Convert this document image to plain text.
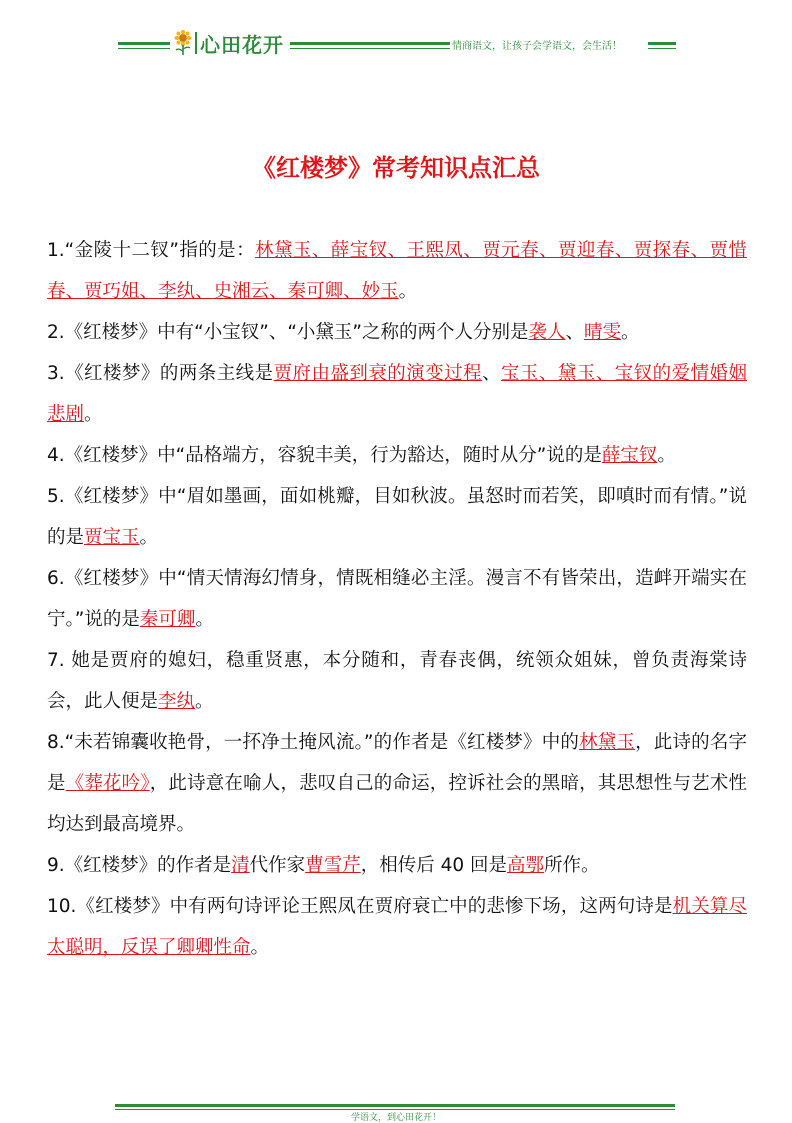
心田花开	情商语文，让孩子会学语文，会生活！
《红楼梦》常考知识点汇总

1.“金陵十二钗”指的是：林黛玉、薛宝钗、王熙凤、贾元春、贾迎春、贾探春、贾惜春、贾巧姐、李纨、史湘云、秦可卿、妙玉。

2.《红楼梦》中有“小宝钗”、“小黛玉”之称的两个人分别是袭人、晴雯。

3.《红楼梦》的两条主线是贾府由盛到衰的演变过程、宝玉、黛玉、宝钗的爱情婚姻悲剧。

4.《红楼梦》中“品格端方，容貌丰美，行为豁达，随时从分”说的是薛宝钗。

5.《红楼梦》中“眉如墨画，面如桃瓣，目如秋波。虽怒时而若笑，即嗔时而有情。”说的是贾宝玉。

6.《红楼梦》中“情天情海幻情身，情既相缝必主淫。漫言不有皆荣出，造衅开端实在宁。”说的是秦可卿。

7. 她是贾府的媳妇，稳重贤惠，本分随和，青春丧偶，统领众姐妹，曾负责海棠诗会，此人便是李纨。

8.“未若锦囊收艳骨，一抔净土掩风流。”的作者是《红楼梦》中的林黛玉，此诗的名字是《葬花吟》，此诗意在喻人，悲叹自己的命运，控诉社会的黑暗，其思想性与艺术性均达到最高境界。

9.《红楼梦》的作者是清代作家曹雪芹，相传后 40 回是高鄂所作。

10.《红楼梦》中有两句诗评论王熙凤在贾府衰亡中的悲惨下场，这两句诗是机关算尽太聪明，反误了卿卿性命。

学语文，到心田花开！
